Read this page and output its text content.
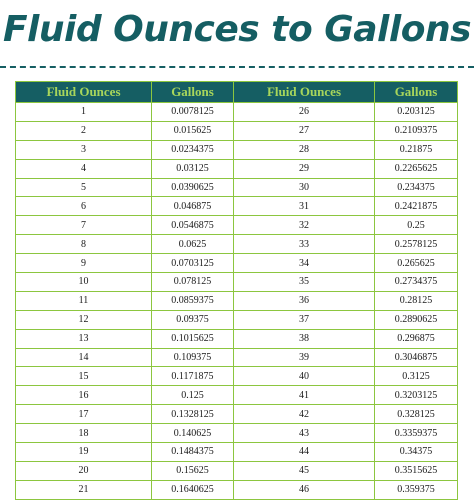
Fluid Ounces to Gallons
Fluid Ounces	Gallons	Fluid Ounces	Gallons
1	0.0078125	26	0.203125
2	0.015625	27	0.2109375
3	0.0234375	28	0.21875
4	0.03125	29	0.2265625
5	0.0390625	30	0.234375
6	0.046875	31	0.2421875
7	0.0546875	32	0.25
8	0.0625	33	0.2578125
9	0.0703125	34	0.265625
10	0.078125	35	0.2734375
11	0.0859375	36	0.28125
12	0.09375	37	0.2890625
13	0.1015625	38	0.296875
14	0.109375	39	0.3046875
15	0.1171875	40	0.3125
16	0.125	41	0.3203125
17	0.1328125	42	0.328125
18	0.140625	43	0.3359375
19	0.1484375	44	0.34375
20	0.15625	45	0.3515625
21	0.1640625	46	0.359375
